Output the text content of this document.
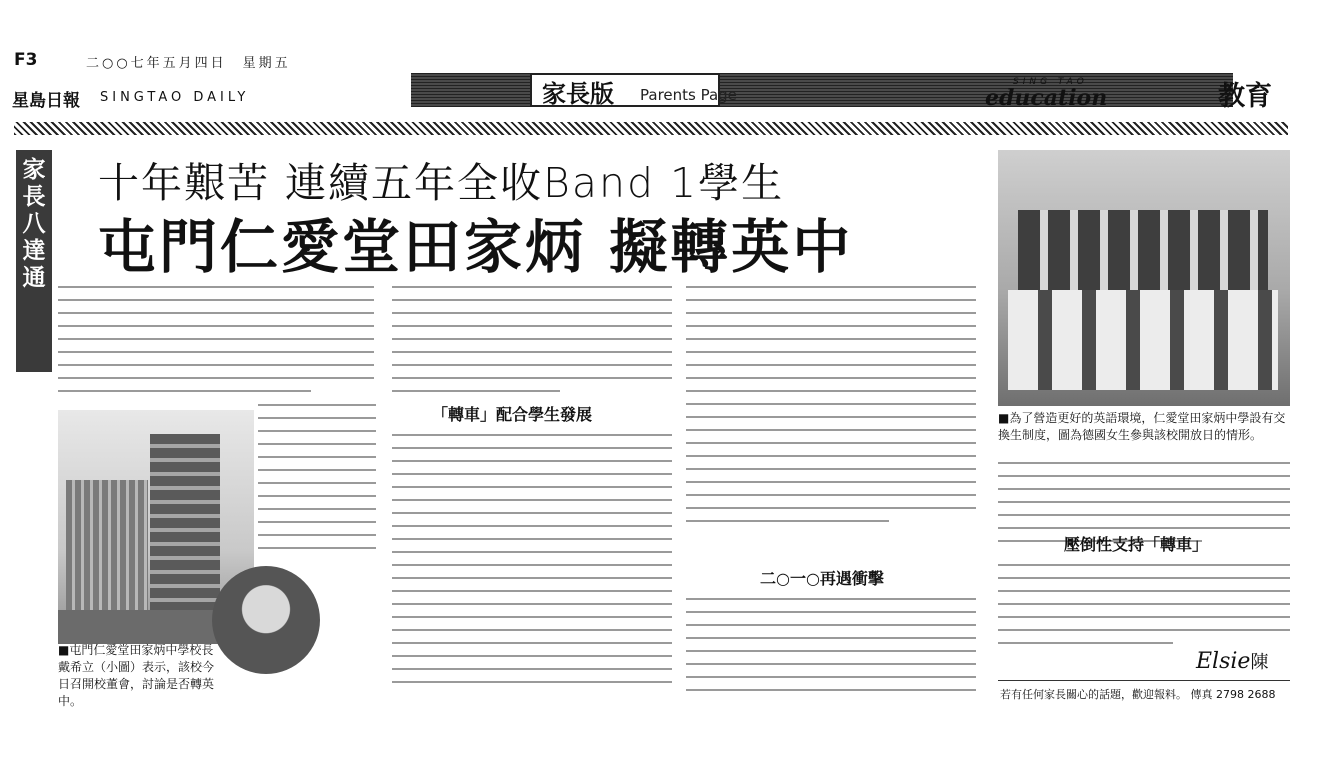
F3	二○○七年五月四日　星期五
星島日報 SINGTAO DAILY	家長版 Parents Page
SING TAO
education	教育
家長 八達通
十年艱苦 連續五年全收Band 1學生
屯門仁愛堂田家炳 擬轉英中
■屯門仁愛堂田家炳中學校長戴希立（小圖）表示，該校今日召開校董會，討論是否轉英中。
「轉車」配合學生發展
二○一○再遇衝擊
■為了營造更好的英語環境，仁愛堂田家炳中學設有交換生制度，圖為德國女生參與該校開放日的情形。
壓倒性支持「轉車」
Elsie陳
若有任何家長關心的話題，歡迎報料。 傳真 2798 2688
